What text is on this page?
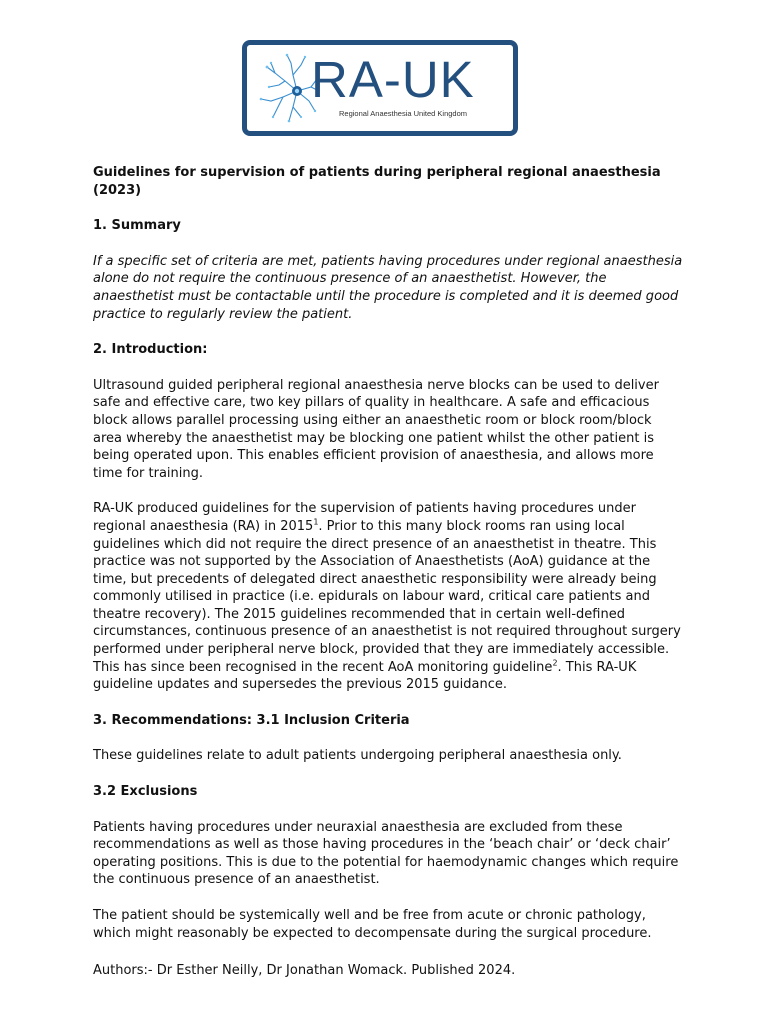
RA-UK
Regional Anaesthesia United Kingdom

Guidelines for supervision of patients during peripheral regional anaesthesia (2023)

1. Summary

If a specific set of criteria are met, patients having procedures under regional anaesthesia alone do not require the continuous presence of an anaesthetist. However, the anaesthetist must be contactable until the procedure is completed and it is deemed good practice to regularly review the patient.

2. Introduction:

Ultrasound guided peripheral regional anaesthesia nerve blocks can be used to deliver safe and effective care, two key pillars of quality in healthcare. A safe and efficacious block allows parallel processing using either an anaesthetic room or block room/block area whereby the anaesthetist may be blocking one patient whilst the other patient is being operated upon. This enables efficient provision of anaesthesia, and allows more time for training.

RA-UK produced guidelines for the supervision of patients having procedures under regional anaesthesia (RA) in 2015$^1$. Prior to this many block rooms ran using local guidelines which did not require the direct presence of an anaesthetist in theatre. This practice was not supported by the Association of Anaesthetists (AoA) guidance at the time, but precedents of delegated direct anaesthetic responsibility were already being commonly utilised in practice (i.e. epidurals on labour ward, critical care patients and theatre recovery). The 2015 guidelines recommended that in certain well-defined circumstances, continuous presence of an anaesthetist is not required throughout surgery performed under peripheral nerve block, provided that they are immediately accessible. This has since been recognised in the recent AoA monitoring guideline$^2$. This RA-UK guideline updates and supersedes the previous 2015 guidance.

3. Recommendations: 3.1 Inclusion Criteria

These guidelines relate to adult patients undergoing peripheral anaesthesia only.

3.2 Exclusions

Patients having procedures under neuraxial anaesthesia are excluded from these recommendations as well as those having procedures in the ‘beach chair’ or ‘deck chair’ operating positions. This is due to the potential for haemodynamic changes which require the continuous presence of an anaesthetist.

The patient should be systemically well and be free from acute or chronic pathology, which might reasonably be expected to decompensate during the surgical procedure.

Authors:- Dr Esther Neilly, Dr Jonathan Womack. Published 2024.
